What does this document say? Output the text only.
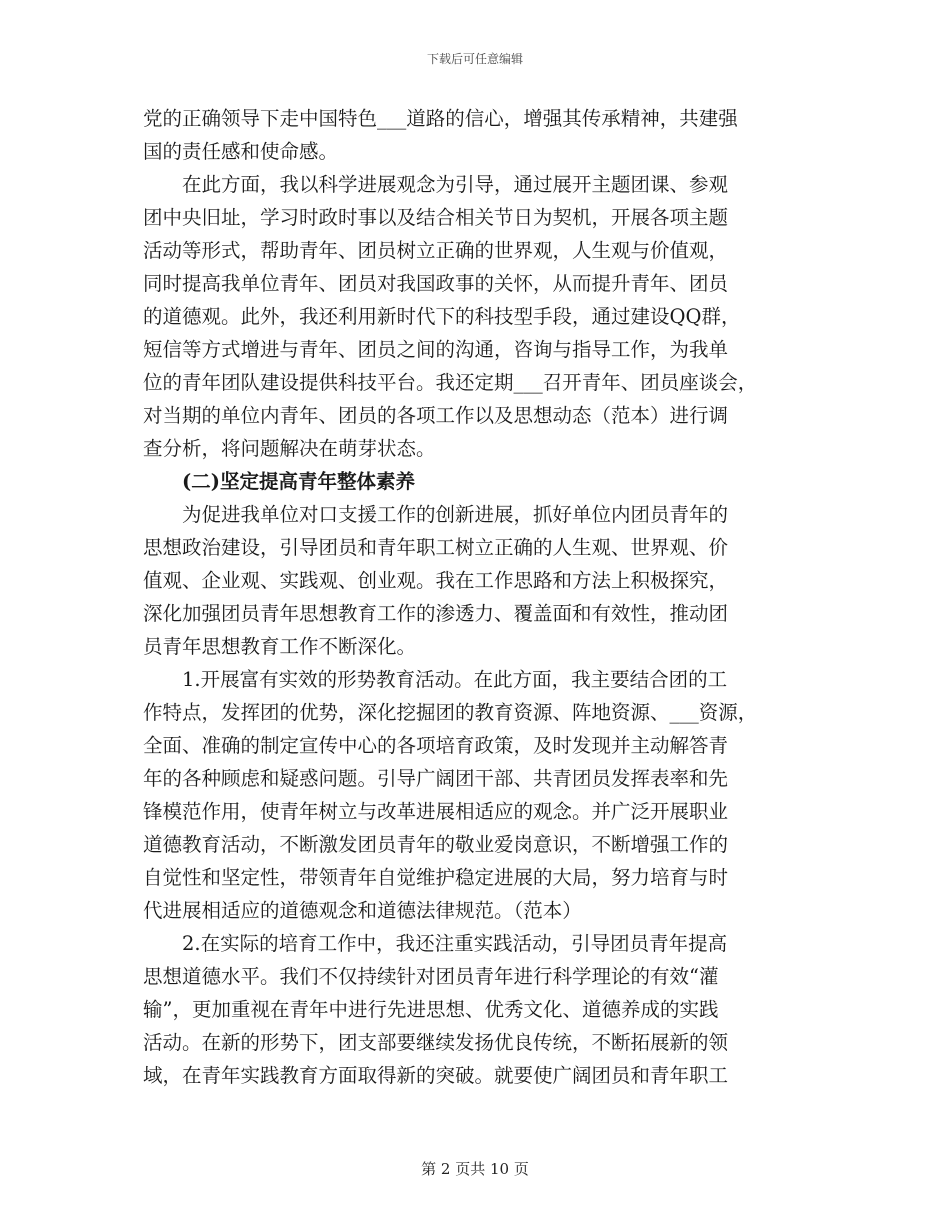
下载后可任意编辑

党的正确领导下走中国特色___道路的信心，增强其传承精神，共建强

国的责任感和使命感。

　　在此方面，我以科学进展观念为引导，通过展开主题团课、参观

团中央旧址，学习时政时事以及结合相关节日为契机，开展各项主题

活动等形式，帮助青年、团员树立正确的世界观，人生观与价值观，

同时提高我单位青年、团员对我国政事的关怀，从而提升青年、团员

的道德观。此外，我还利用新时代下的科技型手段，通过建设QQ群，

短信等方式增进与青年、团员之间的沟通，咨询与指导工作，为我单

位的青年团队建设提供科技平台。我还定期___召开青年、团员座谈会，

对当期的单位内青年、团员的各项工作以及思想动态（范本）进行调

查分析，将问题解决在萌芽状态。

　　(二)坚定提高青年整体素养

　　为促进我单位对口支援工作的创新进展，抓好单位内团员青年的

思想政治建设，引导团员和青年职工树立正确的人生观、世界观、价

值观、企业观、实践观、创业观。我在工作思路和方法上积极探究，

深化加强团员青年思想教育工作的渗透力、覆盖面和有效性，推动团

员青年思想教育工作不断深化。

　　1.开展富有实效的形势教育活动。在此方面，我主要结合团的工

作特点，发挥团的优势，深化挖掘团的教育资源、阵地资源、___资源，

全面、准确的制定宣传中心的各项培育政策，及时发现并主动解答青

年的各种顾虑和疑惑问题。引导广阔团干部、共青团员发挥表率和先

锋模范作用，使青年树立与改革进展相适应的观念。并广泛开展职业

道德教育活动，不断激发团员青年的敬业爱岗意识，不断增强工作的

自觉性和坚定性，带领青年自觉维护稳定进展的大局，努力培育与时

代进展相适应的道德观念和道德法律规范。（范本）

　　2.在实际的培育工作中，我还注重实践活动，引导团员青年提高

思想道德水平。我们不仅持续针对团员青年进行科学理论的有效“灌

输”，更加重视在青年中进行先进思想、优秀文化、道德养成的实践

活动。在新的形势下，团支部要继续发扬优良传统，不断拓展新的领

域，在青年实践教育方面取得新的突破。就要使广阔团员和青年职工

第 2 页共 10 页
